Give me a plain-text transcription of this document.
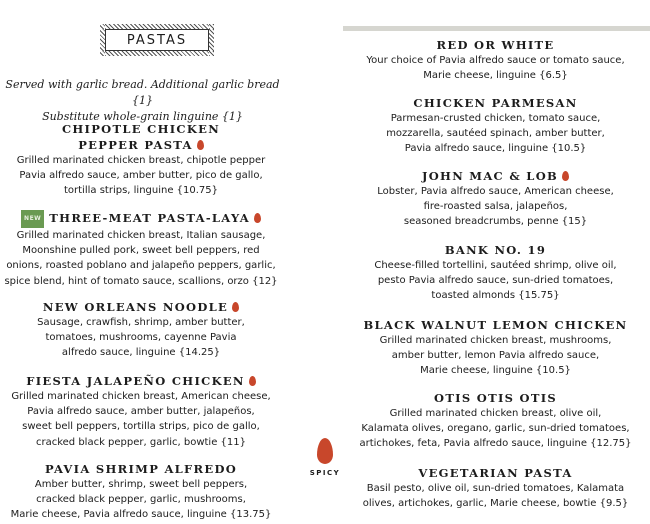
PASTAS
Served with garlic bread. Additional garlic bread {1}
Substitute whole-grain linguine {1}
CHIPOTLE CHICKEN
PEPPER PASTA
Grilled marinated chicken breast, chipotle pepper
Pavia alfredo sauce, amber butter, pico de gallo,
tortilla strips, linguine {10.75}
NEW THREE-MEAT PASTA-LAYA
Grilled marinated chicken breast, Italian sausage,
Moonshine pulled pork, sweet bell peppers, red
onions, roasted poblano and jalapeño peppers, garlic,
spice blend, hint of tomato sauce, scallions, orzo {12}
NEW ORLEANS NOODLE
Sausage, crawfish, shrimp, amber butter,
tomatoes, mushrooms, cayenne Pavia
alfredo sauce, linguine {14.25}
FIESTA JALAPEÑO CHICKEN
Grilled marinated chicken breast, American cheese,
Pavia alfredo sauce, amber butter, jalapeños,
sweet bell peppers, tortilla strips, pico de gallo,
cracked black pepper, garlic, bowtie {11}
PAVIA SHRIMP ALFREDO
Amber butter, shrimp, sweet bell peppers,
cracked black pepper, garlic, mushrooms,
Marie cheese, Pavia alfredo sauce, linguine {13.75}
RED OR WHITE
Your choice of Pavia alfredo sauce or tomato sauce,
Marie cheese, linguine {6.5}
CHICKEN PARMESAN
Parmesan-crusted chicken, tomato sauce,
mozzarella, sautéed spinach, amber butter,
Pavia alfredo sauce, linguine {10.5}
JOHN MAC & LOB
Lobster, Pavia alfredo sauce, American cheese,
fire-roasted salsa, jalapeños,
seasoned breadcrumbs, penne {15}
BANK NO. 19
Cheese-filled tortellini, sautéed shrimp, olive oil,
pesto Pavia alfredo sauce, sun-dried tomatoes,
toasted almonds {15.75}
BLACK WALNUT LEMON CHICKEN
Grilled marinated chicken breast, mushrooms,
amber butter, lemon Pavia alfredo sauce,
Marie cheese, linguine {10.5}
OTIS OTIS OTIS
Grilled marinated chicken breast, olive oil,
Kalamata olives, oregano, garlic, sun-dried tomatoes,
artichokes, feta, Pavia alfredo sauce, linguine {12.75}
VEGETARIAN PASTA
Basil pesto, olive oil, sun-dried tomatoes, Kalamata
olives, artichokes, garlic, Marie cheese, bowtie {9.5}
SPICY
